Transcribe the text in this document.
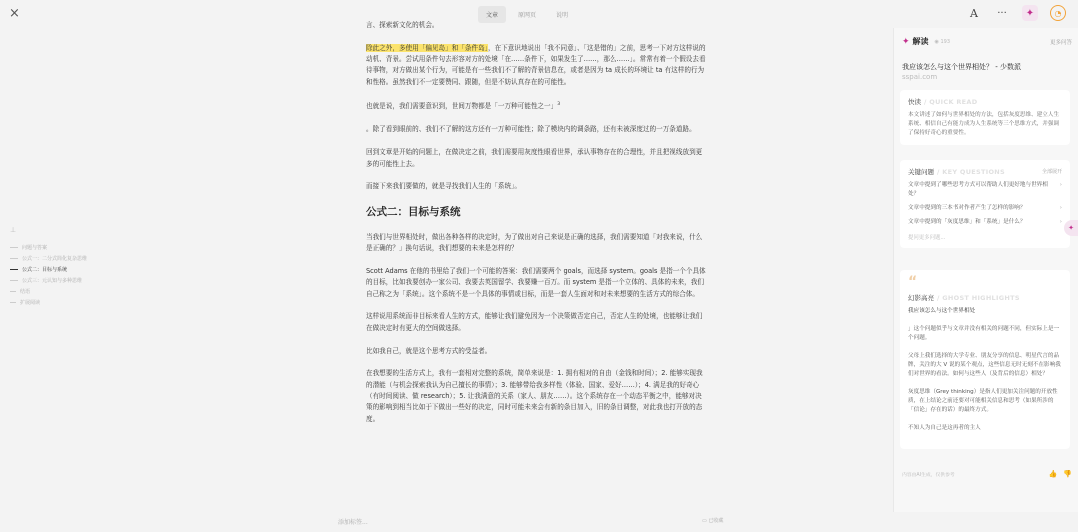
×	文章	原网页	说明	A	···	✦	◔
⊥
问题与答案
公式一：二分式简化复杂思维
公式二：目标与系统
公式三：元认知与多种思维
结语
扩展阅读

言、探索新文化的机会。

除此之外，多使用「偏见岛」和「条件岛」，在下意识地说出「我不同意」、「这是错的」之前，思考一下对方这样说的动机、背景。尝试用条件句去形容对方的处境「在……条件下，如果发生了……，那么……」。常常有着一个假设去看待事物，对方做出某个行为，可能是有一些我们不了解的背景信息在，或者是因为 ta 成长的环境让 ta 有这样的行为和性格。虽然我们不一定要赞同、跟随，但是不妨认真存在的可能性。

也就是说，我们需要意识到，世间万物都是「一万种可能性之一」$^3$

。除了看到眼前的、我们不了解的这方还有一万种可能性；除了模块内的调条路，还有未被深度过的一万条道路。

回到文章是开始的问题上，在做决定之前，我们需要用灰度性眼看世界，承认事物存在的合理性，并且把视线放到更多的可能性上去。

而接下来我们要做的，就是寻找我们人生的「系统」。

公式二：目标与系统

当我们与世界相处时，做出各种各样的决定时，为了做出对自己来说是正确的选择，我们需要知道「对我来说，什么是正确的？」换句话说，我们想要的未来是怎样的？

Scott Adams 在他的书里给了我们一个可能的答案：我们需要两个 goals，而选择 system。goals 是指一个个具体的目标，比如我要创办一家公司、我要去英国留学、我要赚一百万。而 system 是指一个立体的、具体的未来，我们自己称之为「系统」。这个系统不是一个具体的事情或目标，而是一套人生面对和对未来想要的生活方式的综合体。

这样说用系统而非目标来看人生的方式，能够让我们避免因为一个决策做否定自己，否定人生的处境，也能够让我们在做决定时有更大的空间做选择。

比如我自己，就是这个思考方式的受益者。

在我想要的生活方式上，我有一套相对完整的系统，简单来说是：1. 拥有相对的自由（金钱和时间）；2. 能够实现我的潜能（与机会探索我认为自己擅长的事情）；3. 能够带给我多样性（体验、国家、爱好……）；4. 满足我的好奇心（有时间阅读、做 research）；5. 让我满意的关系（家人、朋友……）。这个系统存在一个动态平衡之中，能够对决策的影响到相当比如于下做出一些好的决定，同时可能未来会有新的条目加入，旧的条目调整，对此我也打开放的态度。

添加标签...	▭ 已收藏
✦ 解读 ◉ 193	更多问答
我应该怎么与这个世界相处？ - 少数派
sspai.com
快读 / QUICK READ
本文讲述了如何与世界相处的方法，包括灰度思维、建立人生系统、相信自己有能力成为人生系统等三个思维方式，并强调了保持好奇心的重要性。
关键问题 / KEY QUESTIONS	全部展开
文章中提到了哪些思考方式可以帮助人们更好地与世界相处？
›
文章中提到的三本书对作者产生了怎样的影响？	›
文章中提到的「灰度思维」和「系统」是什么？	›
提问更多问题...
“
幻影高亮 / GHOST HIGHLIGHTS
我应该怎么与这个世界相处
」这个问题似乎与文章并没有相关的问题不同，但实际上是一个问题。
父母上我们选择的大学专业、朋友分享的信息、明星代言的品牌，关注的大 V 说的某个观点，这些信息无时无刻不在影响我们对世界的看法。如何与这些人（及背后的信息）相处？
灰度思维（Grey thinking）是指人们更加关注问题的开放性质，在上结论之前还要对可能相关信息和思考（如果所涉的「信论」存在的话）的最终方式。
不知人为自己是这再者的主人
内容由AI生成，仅供参考	👍 👎
✦
